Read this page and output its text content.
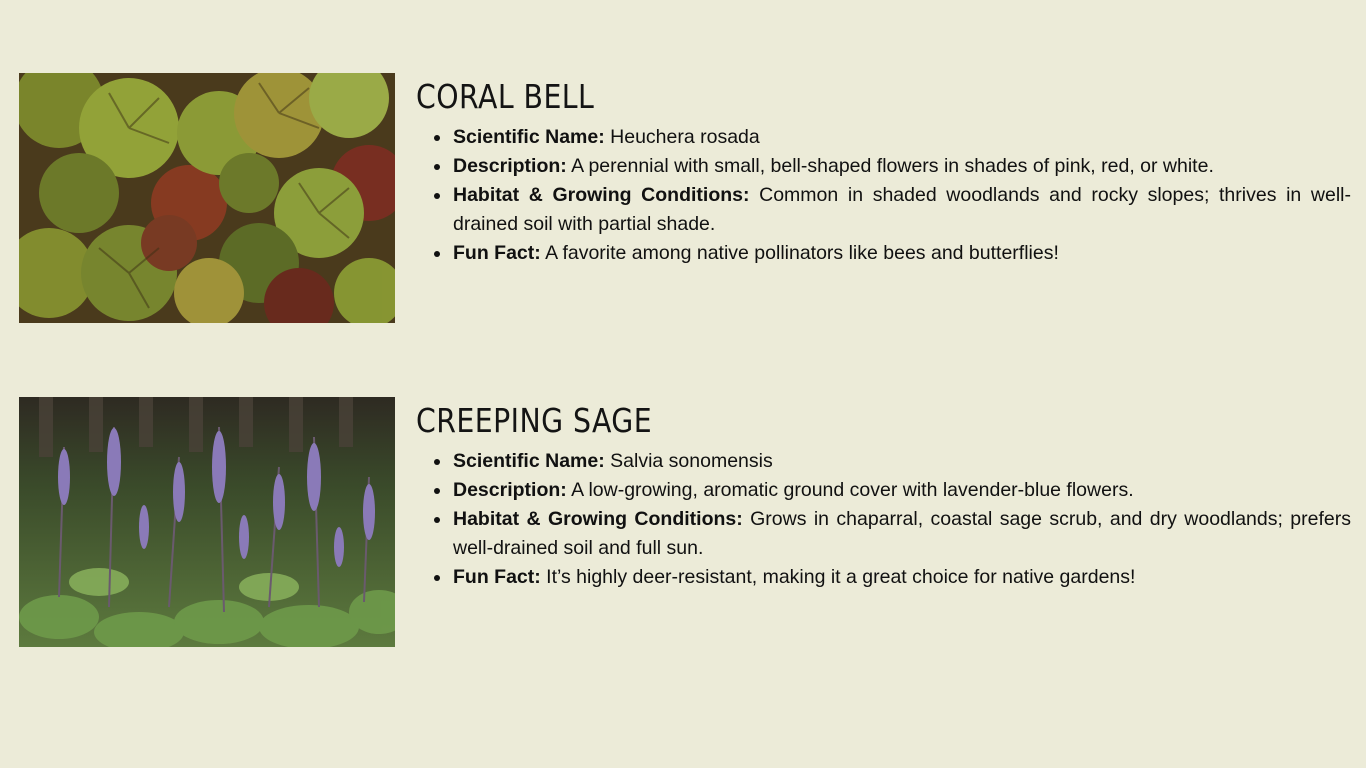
CORAL BELL
• Scientific Name: Heuchera rosada
• Description: A perennial with small, bell-shaped flowers in shades of pink, red, or white.
• Habitat & Growing Conditions: Common in shaded woodlands and rocky slopes; thrives in well-drained soil with partial shade.
• Fun Fact: A favorite among native pollinators like bees and butterflies!
CREEPING SAGE
• Scientific Name: Salvia sonomensis
• Description: A low-growing, aromatic ground cover with lavender-blue flowers.
• Habitat & Growing Conditions: Grows in chaparral, coastal sage scrub, and dry woodlands; prefers well-drained soil and full sun.
• Fun Fact: It’s highly deer-resistant, making it a great choice for native gardens!
